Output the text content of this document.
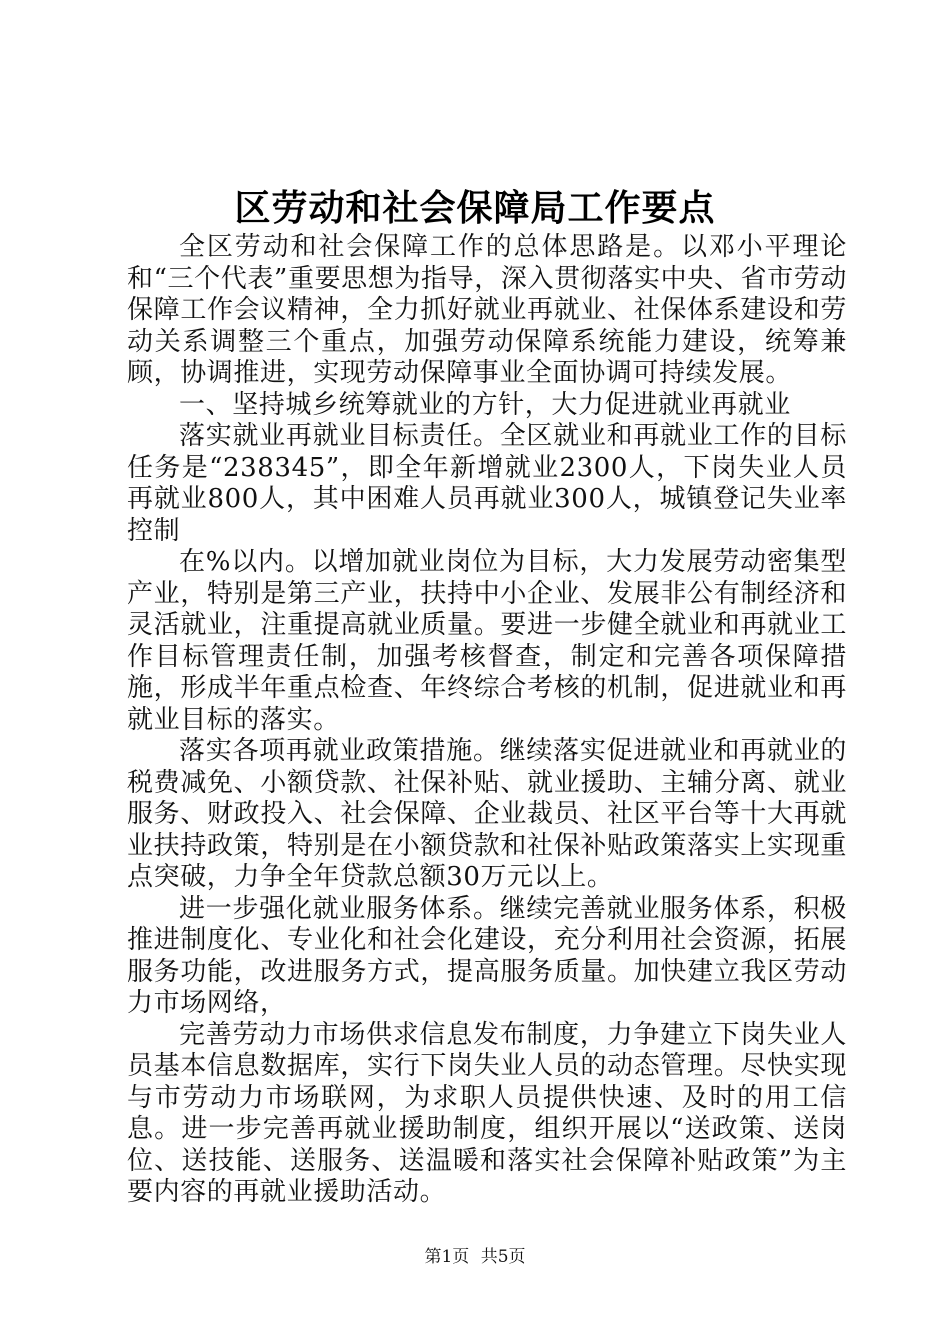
区劳动和社会保障局工作要点

全区劳动和社会保障工作的总体思路是。以邓小平理论和“三个代表”重要思想为指导，深入贯彻落实中央、省市劳动保障工作会议精神，全力抓好就业再就业、社保体系建设和劳动关系调整三个重点，加强劳动保障系统能力建设，统筹兼顾，协调推进，实现劳动保障事业全面协调可持续发展。

一、坚持城乡统筹就业的方针，大力促进就业再就业

落实就业再就业目标责任。全区就业和再就业工作的目标任务是“238345”，即全年新增就业2300人，下岗失业人员再就业800人，其中困难人员再就业300人，城镇登记失业率控制

在%以内。以增加就业岗位为目标，大力发展劳动密集型产业，特别是第三产业，扶持中小企业、发展非公有制经济和灵活就业，注重提高就业质量。要进一步健全就业和再就业工作目标管理责任制，加强考核督查，制定和完善各项保障措施，形成半年重点检查、年终综合考核的机制，促进就业和再就业目标的落实。

落实各项再就业政策措施。继续落实促进就业和再就业的税费减免、小额贷款、社保补贴、就业援助、主辅分离、就业服务、财政投入、社会保障、企业裁员、社区平台等十大再就业扶持政策，特别是在小额贷款和社保补贴政策落实上实现重点突破，力争全年贷款总额30万元以上。

进一步强化就业服务体系。继续完善就业服务体系，积极推进制度化、专业化和社会化建设，充分利用社会资源，拓展服务功能，改进服务方式，提高服务质量。加快建立我区劳动力市场网络，

完善劳动力市场供求信息发布制度，力争建立下岗失业人员基本信息数据库，实行下岗失业人员的动态管理。尽快实现与市劳动力市场联网，为求职人员提供快速、及时的用工信息。进一步完善再就业援助制度，组织开展以“送政策、送岗位、送技能、送服务、送温暖和落实社会保障补贴政策”为主要内容的再就业援助活动。

第1页 共5页
